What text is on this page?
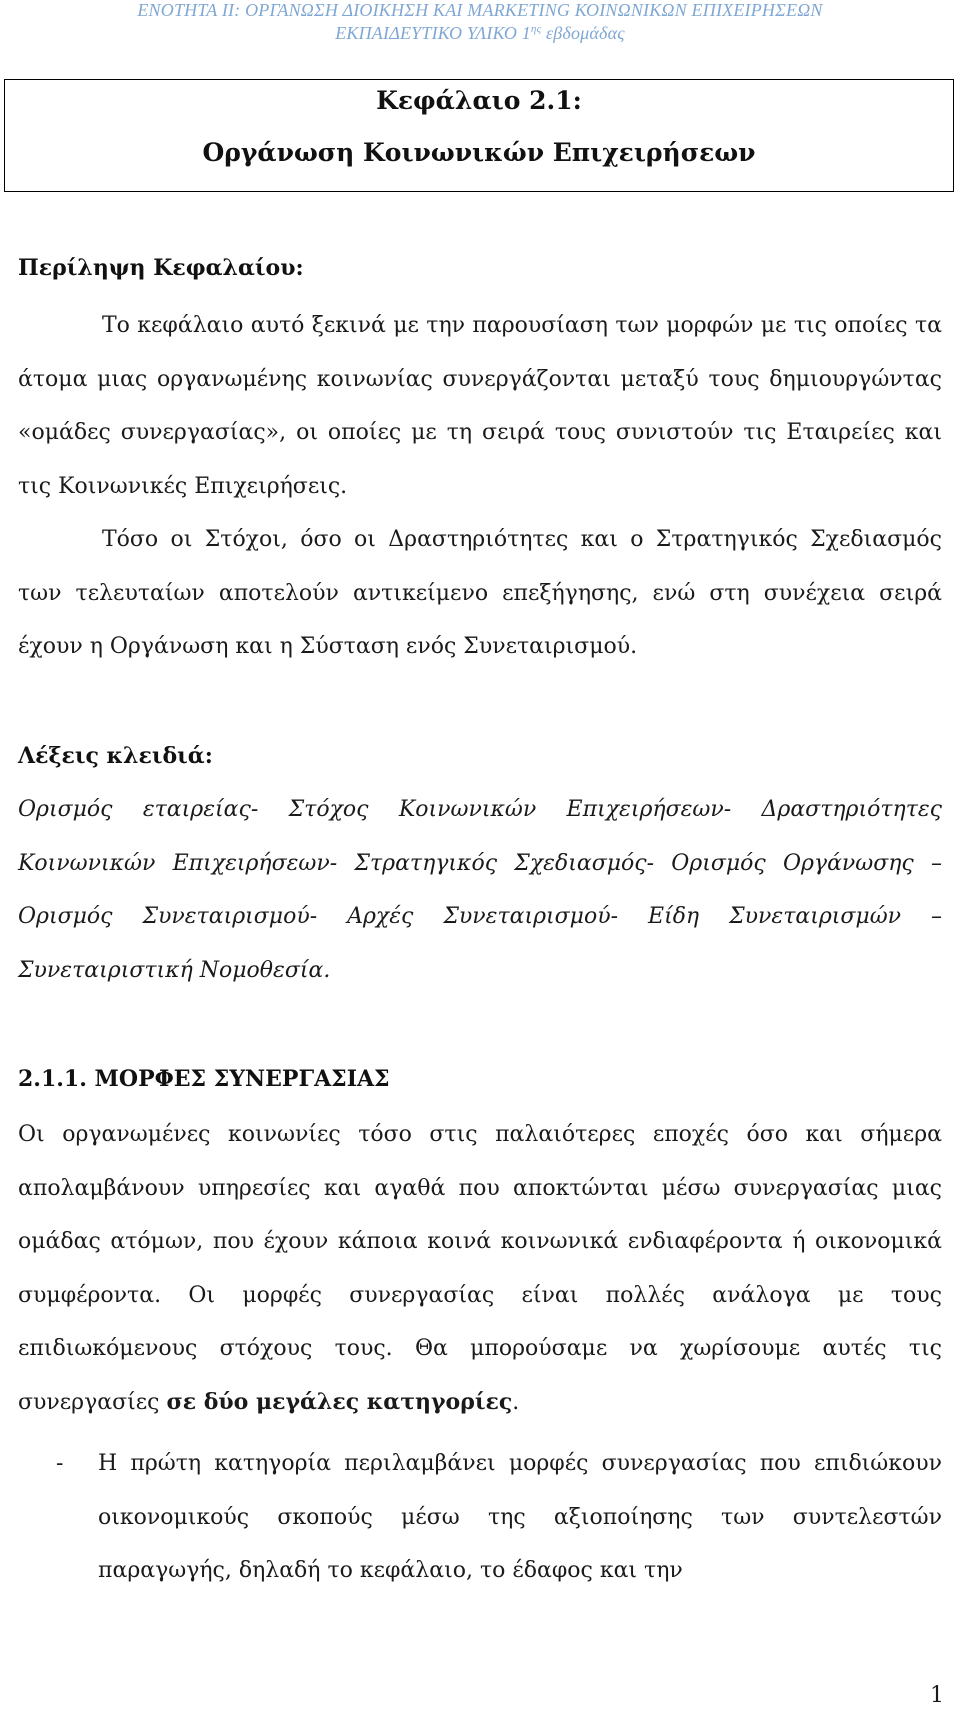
ΕΝΟΤΗΤΑ ΙΙ: ΟΡΓΑΝΩΣΗ ΔΙΟΙΚΗΣΗ ΚΑΙ MARKETING ΚΟΙΝΩΝΙΚΩΝ ΕΠΙΧΕΙΡΗΣΕΩΝ
ΕΚΠΑΙΔΕΥΤΙΚΟ ΥΛΙΚΟ $1^{\eta\varsigma}$ εβδομάδας
Κεφάλαιο 2.1:
Οργάνωση Κοινωνικών Επιχειρήσεων
Περίληψη Κεφαλαίου:
Το κεφάλαιο αυτό ξεκινά με την παρουσίαση των μορφών με τις οποίες τα άτομα μιας οργανωμένης κοινωνίας συνεργάζονται μεταξύ τους δημιουργώντας «ομάδες συνεργασίας», οι οποίες με τη σειρά τους συνιστούν τις Εταιρείες και τις Κοινωνικές Επιχειρήσεις.
Τόσο οι Στόχοι, όσο οι Δραστηριότητες και ο Στρατηγικός Σχεδιασμός των τελευταίων αποτελούν αντικείμενο επεξήγησης, ενώ στη συνέχεια σειρά έχουν η Οργάνωση και η Σύσταση ενός Συνεταιρισμού.
Λέξεις κλειδιά:
Ορισμός εταιρείας- Στόχος Κοινωνικών Επιχειρήσεων- Δραστηριότητες Κοινωνικών Επιχειρήσεων- Στρατηγικός Σχεδιασμός- Ορισμός Οργάνωσης – Ορισμός Συνεταιρισμού- Αρχές Συνεταιρισμού- Είδη Συνεταιρισμών – Συνεταιριστική Νομοθεσία.
2.1.1. ΜΟΡΦΕΣ ΣΥΝΕΡΓΑΣΙΑΣ
Οι οργανωμένες κοινωνίες τόσο στις παλαιότερες εποχές όσο και σήμερα απολαμβάνουν υπηρεσίες και αγαθά που αποκτώνται μέσω συνεργασίας μιας ομάδας ατόμων, που έχουν κάποια κοινά κοινωνικά ενδιαφέροντα ή οικονομικά συμφέροντα. Οι μορφές συνεργασίας είναι πολλές ανάλογα με τους επιδιωκόμενους στόχους τους. Θα μπορούσαμε να χωρίσουμε αυτές τις συνεργασίες σε δύο μεγάλες κατηγορίες.
- Η πρώτη κατηγορία περιλαμβάνει μορφές συνεργασίας που επιδιώκουν οικονομικούς σκοπούς μέσω της αξιοποίησης των συντελεστών παραγωγής, δηλαδή το κεφάλαιο, το έδαφος και την
1
